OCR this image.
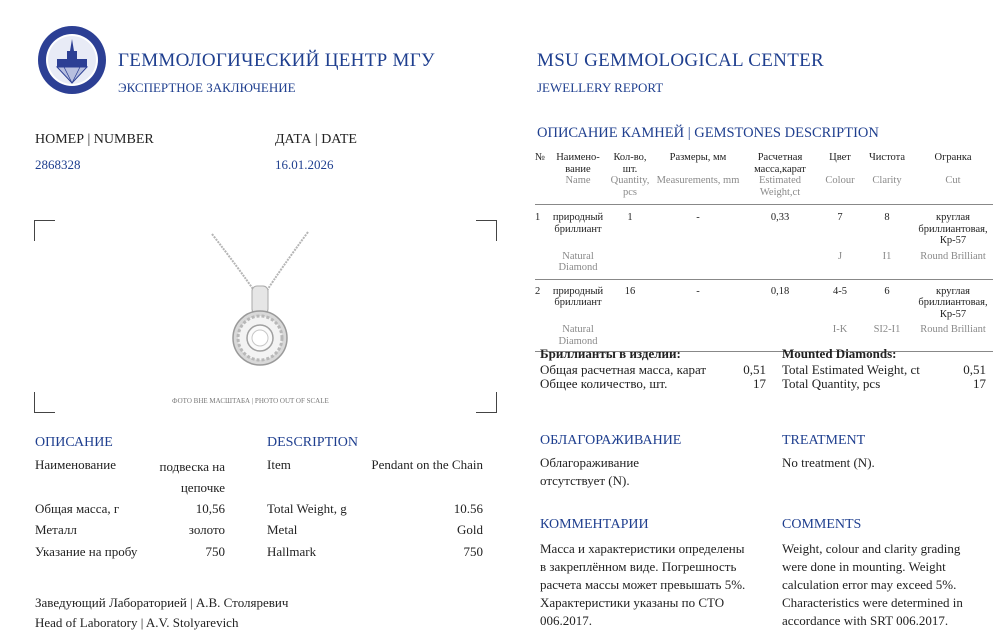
ГЕММОЛОГИЧЕСКИЙ ЦЕНТР МГУ
ЭКСПЕРТНОЕ ЗАКЛЮЧЕНИЕ
НОМЕР | NUMBER
2868328
ДАТА | DATE
16.01.2026
ФОТО ВНЕ МАСШТАБА | PHOTO OUT OF SCALE
ОПИСАНИЕ
Наименование	подвеска на цепочке
Общая масса, г	10,56
Металл	золото
Указание на пробу	750
DESCRIPTION
Item	Pendant on the Chain
Total Weight, g	10.56
Metal	Gold
Hallmark	750
Заведующий Лабораторией | А.В. Столяревич
Head of Laboratory | A.V. Stolyarevich
MSU GEMMOLOGICAL CENTER
JEWELLERY REPORT
ОПИСАНИЕ КАМНЕЙ | GEMSTONES DESCRIPTION
№	Наимено-вание	Кол-во, шт.	Размеры, мм	Расчетная масса,карат	Цвет	Чистота	Огранка
	Name	Quantity, pcs	Measurements, mm	Estimated Weight,ct	Colour	Clarity	Cut

1	природный бриллиант	1	-	0,33	7	8	круглая бриллиантовая, Кр-57
	Natural Diamond				J	I1	Round Brilliant

2	природный бриллиант	16	-	0,18	4-5	6	круглая бриллиантовая, Кр-57
	Natural Diamond				I-K	SI2-I1	Round Brilliant

Бриллианты в изделии:
Общая расчетная масса, карат	0,51
Общее количество, шт.	17
Mounted Diamonds:
Total Estimated Weight, ct	0,51
Total Quantity, pcs	17
ОБЛАГОРАЖИВАНИЕ
Облагораживание отсутствует (N).
TREATMENT
No treatment (N).
КОММЕНТАРИИ
Масса и характеристики определены в закреплённом виде. Погрешность расчета массы может превышать 5%. Характеристики указаны по СТО 006.2017.
COMMENTS
Weight, colour and clarity grading were done in mounting. Weight calculation error may exceed 5%. Characteristics were determined in accordance with SRT 006.2017.
